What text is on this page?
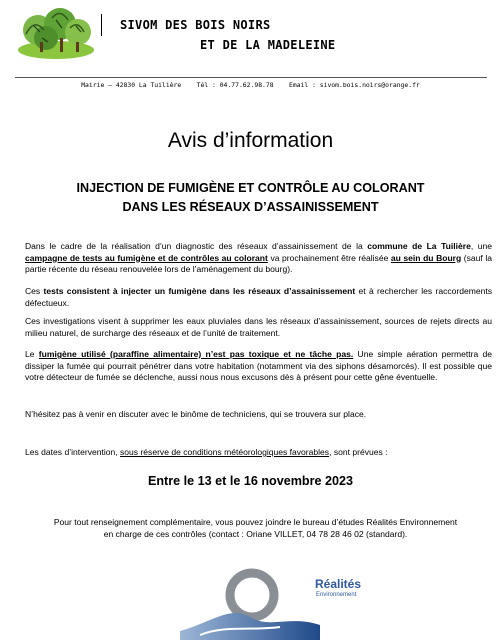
SIVOM DES BOIS NOIRS
ET DE LA MADELEINE
Mairie – 42830 La Tuilière    Tél : 04.77.62.98.78    Email : sivom.bois.noirs@orange.fr
Avis d’information
INJECTION DE FUMIGÈNE ET CONTRÔLE AU COLORANT
DANS LES RÉSEAUX D’ASSAINISSEMENT
Dans le cadre de la réalisation d’un diagnostic des réseaux d’assainissement de la commune de La Tuilière, une campagne de tests au fumigène et de contrôles au colorant va prochainement être réalisée au sein du Bourg (sauf la partie récente du réseau renouvelée lors de l’aménagement du bourg).
Ces tests consistent à injecter un fumigène dans les réseaux d’assainissement et à rechercher les raccordements défectueux.
Ces investigations visent à supprimer les eaux pluviales dans les réseaux d’assainissement, sources de rejets directs au milieu naturel, de surcharge des réseaux et de l’unité de traitement.
Le fumigène utilisé (paraffine alimentaire) n’est pas toxique et ne tâche pas. Une simple aération permettra de dissiper la fumée qui pourrait pénétrer dans votre habitation (notamment via des siphons désamorcés). Il est possible que votre détecteur de fumée se déclenche, aussi nous nous excusons dès à présent pour cette gêne éventuelle.
N’hésitez pas à venir en discuter avec le binôme de techniciens, qui se trouvera sur place.
Les dates d’intervention, sous réserve de conditions météorologiques favorables, sont prévues :
Entre le 13 et le 16 novembre 2023
Pour tout renseignement complémentaire, vous pouvez joindre le bureau d’études Réalités Environnement
en charge de ces contrôles (contact : Oriane VILLET, 04 78 28 46 02 (standard).
Réalités
Environnement
